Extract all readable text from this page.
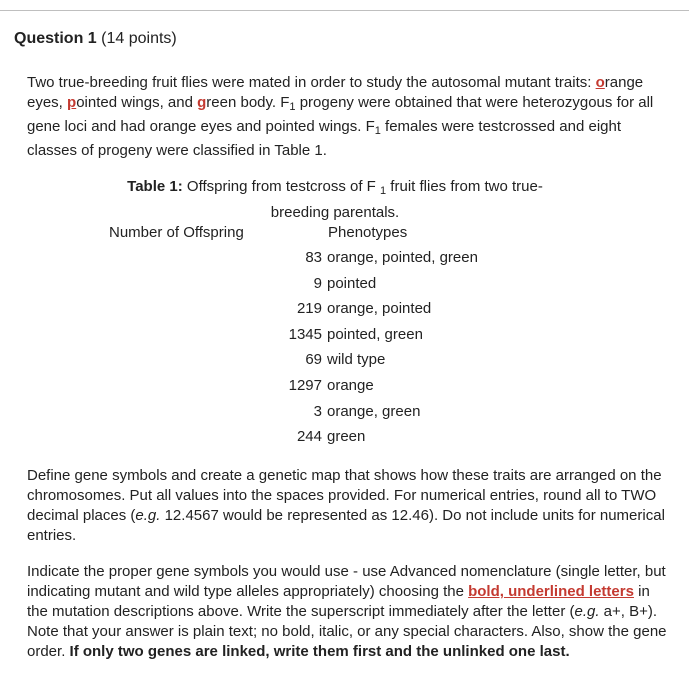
Question 1 (14 points)
Two true-breeding fruit flies were mated in order to study the autosomal mutant traits: orange eyes, pointed wings, and green body. $F_1$ progeny were obtained that were heterozygous for all gene loci and had orange eyes and pointed wings. $F_1$ females were testcrossed and eight classes of progeny were classified in Table 1.
Table 1: Offspring from testcross of F $_1$ fruit flies from two true-breeding parentals.
Number of Offspring	Phenotypes
83 orange, pointed, green
9 pointed
219 orange, pointed
1345 pointed, green
69 wild type
1297 orange
3 orange, green
244 green
Define gene symbols and create a genetic map that shows how these traits are arranged on the chromosomes. Put all values into the spaces provided. For numerical entries, round all to TWO decimal places (e.g. 12.4567 would be represented as 12.46). Do not include units for numerical entries.
Indicate the proper gene symbols you would use - use Advanced nomenclature (single letter, but indicating mutant and wild type alleles appropriately) choosing the bold, underlined letters in the mutation descriptions above. Write the superscript immediately after the letter (e.g. a+, B+). Note that your answer is plain text; no bold, italic, or any special characters. Also, show the gene order. If only two genes are linked, write them first and the unlinked one last.
